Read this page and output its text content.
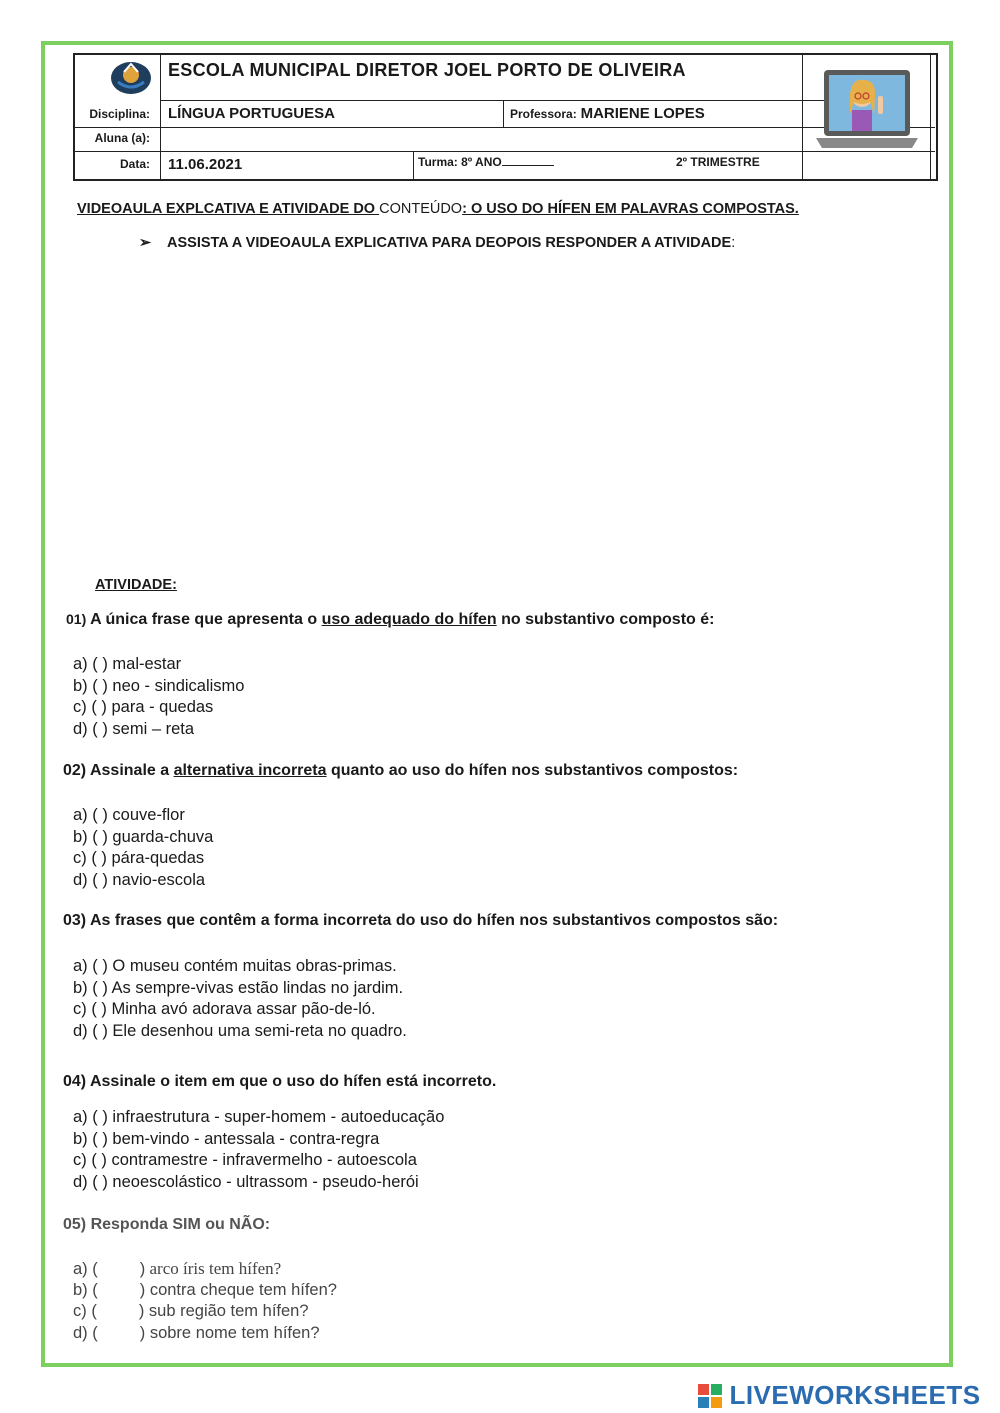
ESCOLA MUNICIPAL DIRETOR JOEL PORTO DE OLIVEIRA
Disciplina: LÍNGUA PORTUGUESA	Professora: MARIENE LOPES
Aluna (a):
Data: 11.06.2021	Turma: 8º ANO	2º TRIMESTRE
VIDEOAULA EXPLCATIVA E ATIVIDADE DO CONTEÚDO: O USO DO HÍFEN EM PALAVRAS COMPOSTAS.
➢ ASSISTA A VIDEOAULA EXPLICATIVA PARA DEOPOIS RESPONDER A ATIVIDADE:
ATIVIDADE:
01) A única frase que apresenta o uso adequado do hífen no substantivo composto é:
a) ( ) mal-estar
b) ( ) neo - sindicalismo
c) ( ) para - quedas
d) ( ) semi – reta
02) Assinale a alternativa incorreta quanto ao uso do hífen nos substantivos compostos:
a) ( ) couve-flor
b) ( ) guarda-chuva
c) ( ) pára-quedas
d) ( ) navio-escola
03) As frases que contêm a forma incorreta do uso do hífen nos substantivos compostos são:
a) ( ) O museu contém muitas obras-primas.
b) ( ) As sempre-vivas estão lindas no jardim.
c) ( ) Minha avó adorava assar pão-de-ló.
d) ( ) Ele desenhou uma semi-reta no quadro.
04) Assinale o item em que o uso do hífen está incorreto.
a) ( ) infraestrutura - super-homem - autoeducação
b) ( ) bem-vindo - antessala - contra-regra
c) ( ) contramestre - infravermelho - autoescola
d) ( ) neoescolástico - ultrassom - pseudo-herói
05) Responda SIM ou NÃO:
a) (	) arco íris tem hífen?
b) (	) contra cheque tem hífen?
c) (	) sub região tem hífen?
d) (	) sobre nome tem hífen?
LIVEWORKSHEETS
